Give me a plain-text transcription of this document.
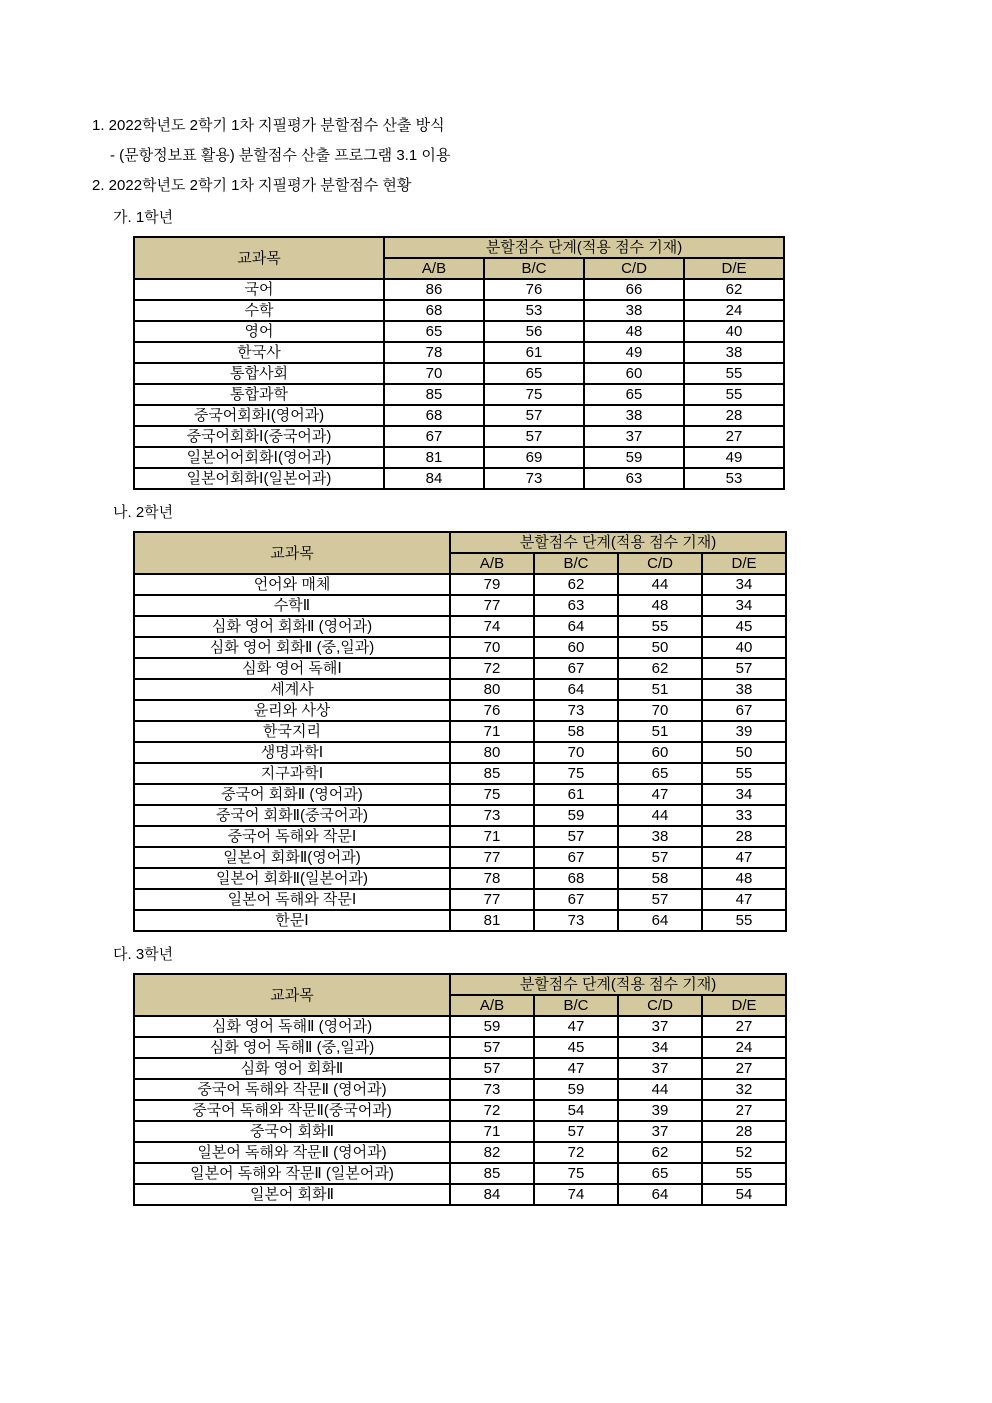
1. 2022학년도 2학기 1차 지필평가 분할점수 산출 방식
- (문항정보표 활용) 분할점수 산출 프로그램 3.1 이용
2. 2022학년도 2학기 1차 지필평가 분할점수 현황
가. 1학년
교과목	분할점수 단계(적용 점수 기재)			
	A/B	B/C	C/D	D/E
국어	86	76	66	62
수학	68	53	38	24
영어	65	56	48	40
한국사	78	61	49	38
통합사회	70	65	60	55
통합과학	85	75	65	55
중국어회화Ⅰ(영어과)	68	57	38	28
중국어회화Ⅰ(중국어과)	67	57	37	27
일본어어회화Ⅰ(영어과)	81	69	59	49
일본어회화Ⅰ(일본어과)	84	73	63	53
나. 2학년
교과목	분할점수 단계(적용 점수 기재)			
	A/B	B/C	C/D	D/E
언어와 매체	79	62	44	34
수학Ⅱ	77	63	48	34
심화 영어 회화Ⅱ (영어과)	74	64	55	45
심화 영어 회화Ⅱ (중,일과)	70	60	50	40
심화 영어 독해Ⅰ	72	67	62	57
세계사	80	64	51	38
윤리와 사상	76	73	70	67
한국지리	71	58	51	39
생명과학Ⅰ	80	70	60	50
지구과학Ⅰ	85	75	65	55
중국어 회화Ⅱ (영어과)	75	61	47	34
중국어 회화Ⅱ(중국어과)	73	59	44	33
중국어 독해와 작문Ⅰ	71	57	38	28
일본어 회화Ⅱ(영어과)	77	67	57	47
일본어 회화Ⅱ(일본어과)	78	68	58	48
일본어 독해와 작문Ⅰ	77	67	57	47
한문Ⅰ	81	73	64	55
다. 3학년
교과목	분할점수 단계(적용 점수 기재)			
	A/B	B/C	C/D	D/E
심화 영어 독해Ⅱ (영어과)	59	47	37	27
심화 영어 독해Ⅱ (중,일과)	57	45	34	24
심화 영어 회화Ⅱ	57	47	37	27
중국어 독해와 작문Ⅱ (영어과)	73	59	44	32
중국어 독해와 작문Ⅱ(중국어과)	72	54	39	27
중국어 회화Ⅱ	71	57	37	28
일본어 독해와 작문Ⅱ (영어과)	82	72	62	52
일본어 독해와 작문Ⅱ (일본어과)	85	75	65	55
일본어 회화Ⅱ	84	74	64	54
